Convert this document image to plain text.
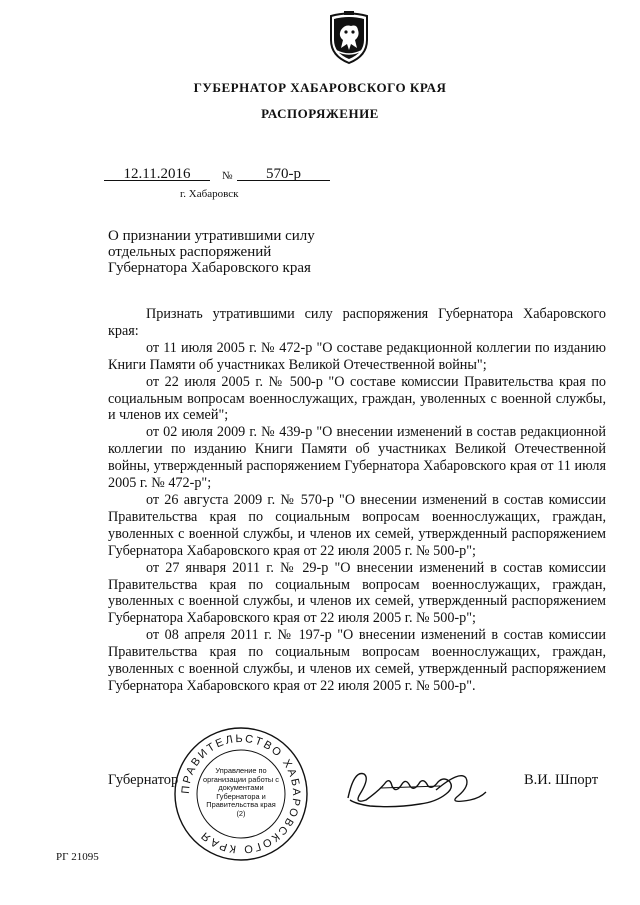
ГУБЕРНАТОР ХАБАРОВСКОГО КРАЯ
РАСПОРЯЖЕНИЕ
12.11.2016	№	570-р
г. Хабаровск
О признании утратившими силу отдельных распоряжений Губернатора Хабаровского края

Признать утратившими силу распоряжения Губернатора Хабаровского края:

от 11 июля 2005 г. № 472-р "О составе редакционной коллегии по изданию Книги Памяти об участниках Великой Отечественной войны";

от 22 июля 2005 г. № 500-р "О составе комиссии Правительства края по социальным вопросам военнослужащих, граждан, уволенных с военной службы, и членов их семей";

от 02 июля 2009 г. № 439-р "О внесении изменений в состав редакционной коллегии по изданию Книги Памяти об участниках Великой Отечественной войны, утвержденный распоряжением Губернатора Хабаровского края от 11 июля 2005 г. № 472-р";

от 26 августа 2009 г. № 570-р "О внесении изменений в состав комиссии Правительства края по социальным вопросам военнослужащих, граждан, уволенных с военной службы, и членов их семей, утвержденный распоряжением Губернатора Хабаровского края от 22 июля 2005 г. № 500-р";

от 27 января 2011 г. № 29-р "О внесении изменений в состав комиссии Правительства края по социальным вопросам военнослужащих, граждан, уволенных с военной службы, и членов их семей, утвержденный распоряжением Губернатора Хабаровского края от 22 июля 2005 г. № 500-р";

от 08 апреля 2011 г. № 197-р "О внесении изменений в состав комиссии Правительства края по социальным вопросам военнослужащих, граждан, уволенных с военной службы, и членов их семей, утвержденный распоряжением Губернатора Хабаровского края от 22 июля 2005 г. № 500-р".

ПРАВИТЕЛЬСТВО ХАБАРОВСКОГО КРАЯ
Управление по организации работы с документами Губернатора и Правительства края (2)
Губернатор	В.И. Шпорт
РГ 21095
